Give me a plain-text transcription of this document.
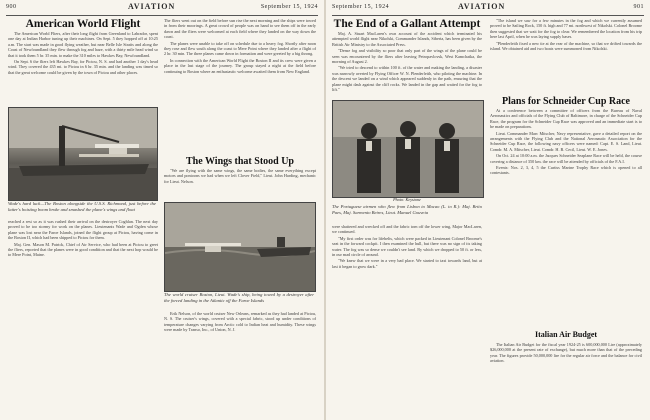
900	AVIATION	September 15, 1924
American World Flight

The American World Fliers, after their long flight from Greenland to Labrador, spent one day at Indian Harbor tuning up their machines. On Sept. 5 they hopped off at 10:25 a.m. The start was made in good flying weather, but near Belle Isle Straits and along the Coast of Newfoundland they flew through fog and haze, with a thirty mile head wind so that it took them 5 hr. 35 min. to make the 310 miles to Hawkes Bay, Newfoundland.

On Sept. 6 the fliers left Hawkes Bay, for Pictou, N. S. and had another 1 day's head wind. They covered the 435 mi. to Pictou in 6 hr. 35 min. and the landing was timed so that the great welcome could be given by the town of Pictou and other places.

Wade's hard luck—The Boston alongside the U.S.S. Richmond, just before the latter's hoisting boom broke and smashed the plane's wings and float

reached a rest so as it was rushed their arrival on the destroyer Coghlan. The next day proved to be too stormy for work on the planes. Lieutenants Wade and Ogden whose plane was lost near the Faroe Islands, joined the flight group at Pictou, having come in the Boston II, which had been shipped to Pictou for them.

Maj. Gen. Mason M. Patrick, Chief of Air Service, who had been at Pictou to greet the fliers, reported that the planes were in good condition and that the next hop would be to Mere Point, Maine.

The fliers went out on the field before sun rise the next morning and the ships were towed in from their moorings. A great crowd of people was on hand to see them off in the early dawn and the fliers were welcomed at each field where they landed on the way down the coast.

The planes were unable to take off on schedule due to a heavy fog. Shortly after noon they rose and flew south along the coast to Mere Point where they landed after a flight of 2 hr. 30 min. The three planes came down in formation and were greeted by a big throng.

In connection with the American World Flight the Boston II and its crew were given a place in the last stage of the journey. The group stayed a night at the field before continuing to Boston where an enthusiastic welcome awaited them from New England.

The Wings that Stood Up

"We are flying with the same wings, the same bodies, the same everything except motors and pontoons we had when we left Clover Field," Lieut. John Harding, mechanic for Lieut. Nelson.

The world cruiser Boston, Lieut. Wade's ship, being towed by a destroyer after the forced landing in the Atlantic off the Faroe Islands

Erik Nelson, of the world cruiser New Orleans, remarked as they had landed at Pictou, N. S. The cruiser's wings, covered with a special fabric, stood up under conditions of temperature changes varying from Arctic cold to Indian heat and humidity. These wings were made by Transo, Inc., of Union, N. J.

September 15, 1924	AVIATION	901
The End of a Gallant Attempt

Maj. A. Stuart MacLaren's own account of the accident which terminated his attempted world flight near Nikolski, Commander Islands, Siberia, has been given by the British Air Ministry to the Associated Press.

"Dense fog and visibility so poor that only part of the wings of the plane could be seen was encountered by the fliers after leaving Petropavlovsk, West Kamchatka, the morning of August 2.

"We tried to descend to within 100 ft. of the water and making the landing, a disaster was narrowly averted by Flying Officer W. N. Plenderleith, who piloting the machine. In the descent we landed on a wind which appeared suddenly in the path, ensuring that the plane might dash against the cliff rocks. We landed in the gap and waited for the fog to lift."

Photo: Keystone
The Portuguese airmen who flew from Lisbon to Macao (L. to R.): Maj. Brito Paes, Maj. Sarmento Beires, Lieut. Manuel Gouveia

were shattered and wrecked off and the fabric torn off the lower wing, Major MacLaren, we continued.

"My first order was for lifebelts, which were packed in Lieutenant Colonel Broome's seat in the forward cockpit. I then examined the hull, but there was no sign of its taking water. The fog was so dense we couldn't see land. By which we dropped to 50 ft. or less, in our mad circle of around.

"We knew that we were in a very bad place. We started to taxi towards land, but at last it began to grow dark."

"The island we saw for a few minutes in the fog and which we currently assumed proved to be Sailing Rock, 150 ft. high and 77 mi. northwest of Nikolski. Colonel Broome then suggested that we wait for the fog to clear. We remembered the location from his trip here last April, when he was laying supply bases.

"Plenderleith fixed a new tie at the rear of the machine, so that we drifted towards the island. We obtained aid and two boats were summoned from Nikolski.

Plans for Schneider Cup Race

At a conference between a committee of officers from the Bureau of Naval Aeronautics and officials of the Flying Club of Baltimore, in charge of the Schneider Cup Race, the program for the Schneider Cup Race was approved and an immediate start is to be made on preparations.

Lieut. Commander Marc Mitscher, Navy representative, gave a detailed report on the arrangements with the Flying Club and the National Aeronautic Association for the Schneider Cup Race, the following navy officers were named: Capt. E. S. Land, Lieut. Comdr. M. A. Mitscher, Lieut. Comdr. H. B. Cecil, Lieut. W. E. Jones.

On Oct. 24 at 10:00 a.m. the Jacques Schneider Seaplane Race will be held, the course covering a distance of 350 km. the race will be attended by officials of the F.A.I.

Events: Nos. 2, 3, 4, 5 the Curtiss Marine Trophy Race which is opened to all contestants.

Italian Air Budget

The Italian Air Budget for the fiscal year 1924-25 is 600,000,000 Lire (approximately $26,000,000 at the present rate of exchange), but much more than that of the preceding year. The figures provide 50,000,000 lire for the regular air force and the balance for civil aviation.
